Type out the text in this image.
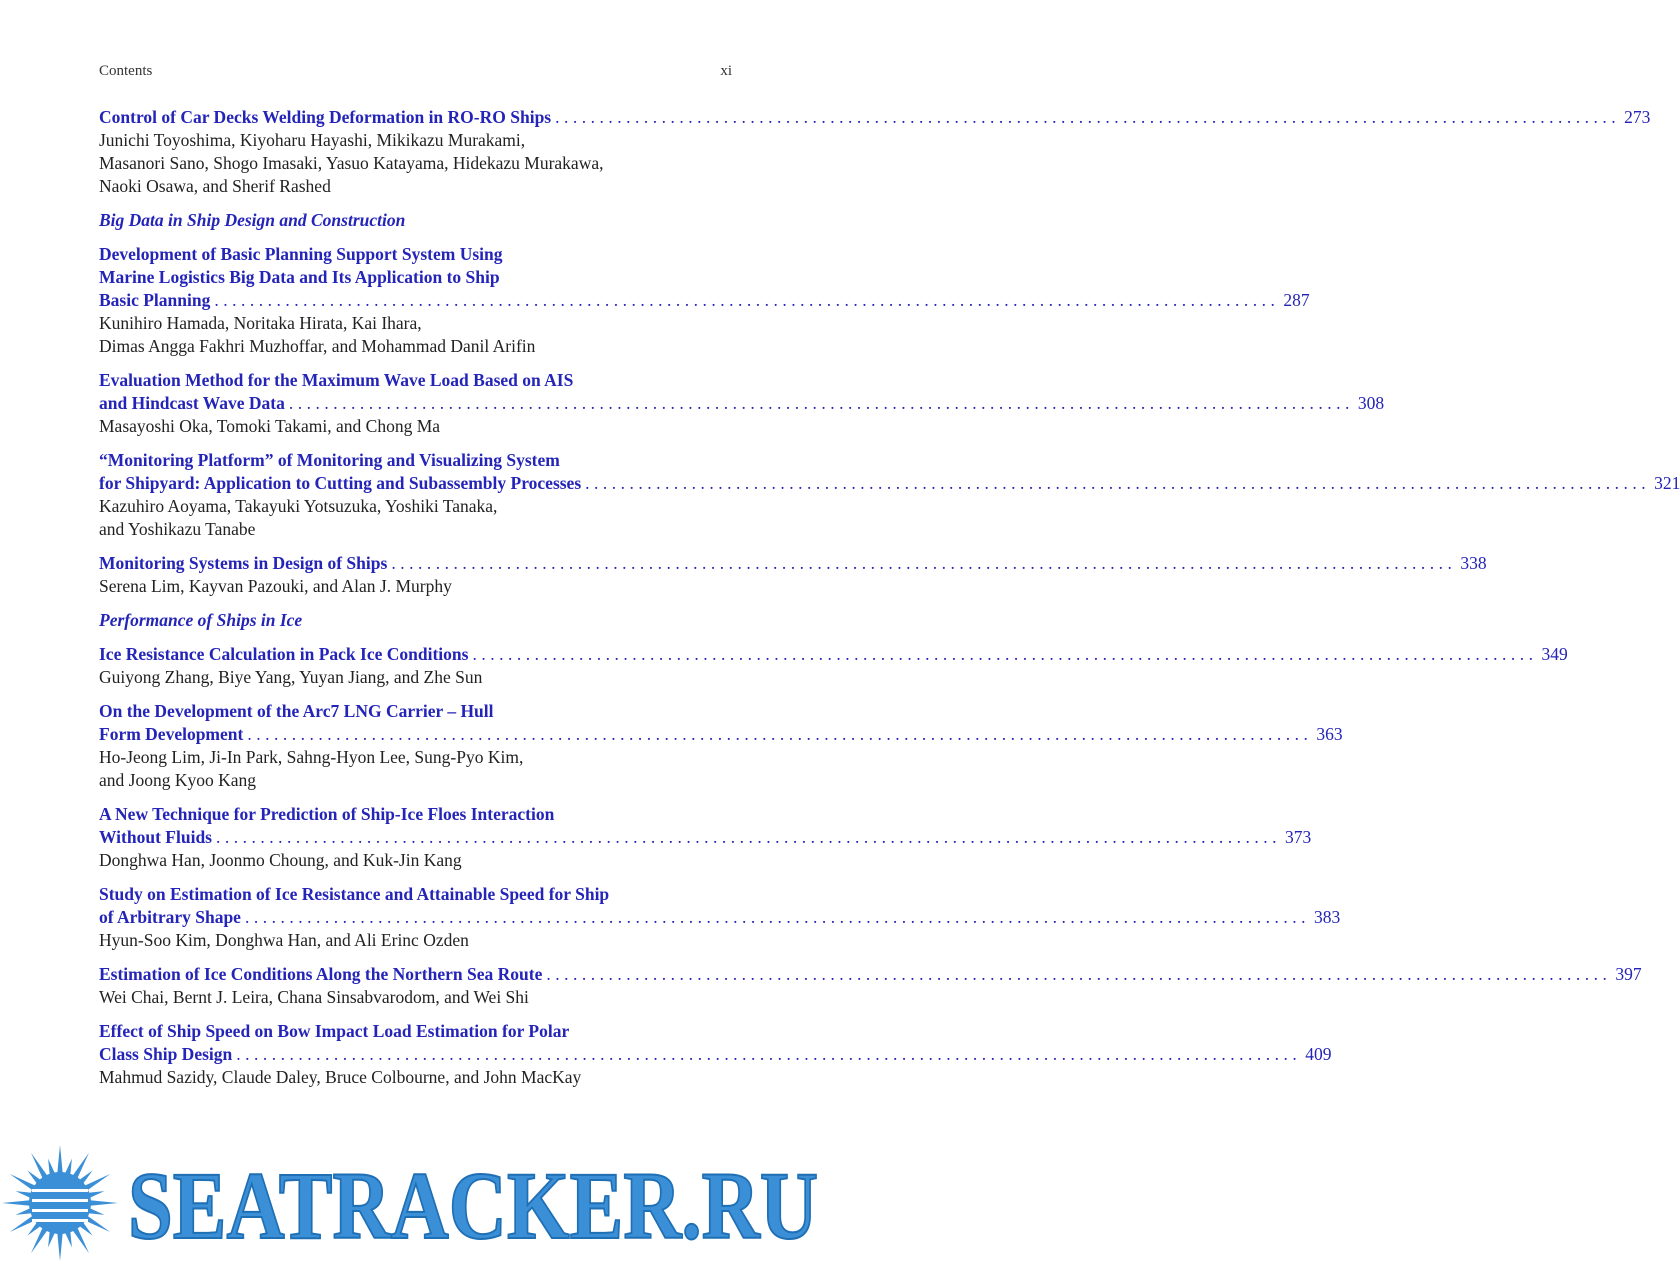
Contents	xi
Control of Car Decks Welding Deformation in RO-RO Ships ........................................................................................................................ 273
Junichi Toyoshima, Kiyoharu Hayashi, Mikikazu Murakami,
Masanori Sano, Shogo Imasaki, Yasuo Katayama, Hidekazu Murakawa,
Naoki Osawa, and Sherif Rashed
Big Data in Ship Design and Construction
Development of Basic Planning Support System Using
Marine Logistics Big Data and Its Application to Ship
Basic Planning ........................................................................................................................ 287
Kunihiro Hamada, Noritaka Hirata, Kai Ihara,
Dimas Angga Fakhri Muzhoffar, and Mohammad Danil Arifin
Evaluation Method for the Maximum Wave Load Based on AIS
and Hindcast Wave Data ........................................................................................................................ 308
Masayoshi Oka, Tomoki Takami, and Chong Ma
“Monitoring Platform” of Monitoring and Visualizing System
for Shipyard: Application to Cutting and Subassembly Processes ........................................................................................................................ 321
Kazuhiro Aoyama, Takayuki Yotsuzuka, Yoshiki Tanaka,
and Yoshikazu Tanabe
Monitoring Systems in Design of Ships ........................................................................................................................ 338
Serena Lim, Kayvan Pazouki, and Alan J. Murphy
Performance of Ships in Ice
Ice Resistance Calculation in Pack Ice Conditions ........................................................................................................................ 349
Guiyong Zhang, Biye Yang, Yuyan Jiang, and Zhe Sun
On the Development of the Arc7 LNG Carrier – Hull
Form Development ........................................................................................................................ 363
Ho-Jeong Lim, Ji-In Park, Sahng-Hyon Lee, Sung-Pyo Kim,
and Joong Kyoo Kang
A New Technique for Prediction of Ship-Ice Floes Interaction
Without Fluids ........................................................................................................................ 373
Donghwa Han, Joonmo Choung, and Kuk-Jin Kang
Study on Estimation of Ice Resistance and Attainable Speed for Ship
of Arbitrary Shape ........................................................................................................................ 383
Hyun-Soo Kim, Donghwa Han, and Ali Erinc Ozden
Estimation of Ice Conditions Along the Northern Sea Route ........................................................................................................................ 397
Wei Chai, Bernt J. Leira, Chana Sinsabvarodom, and Wei Shi
Effect of Ship Speed on Bow Impact Load Estimation for Polar
Class Ship Design ........................................................................................................................ 409
Mahmud Sazidy, Claude Daley, Bruce Colbourne, and John MacKay
SEATRACKER.RU
